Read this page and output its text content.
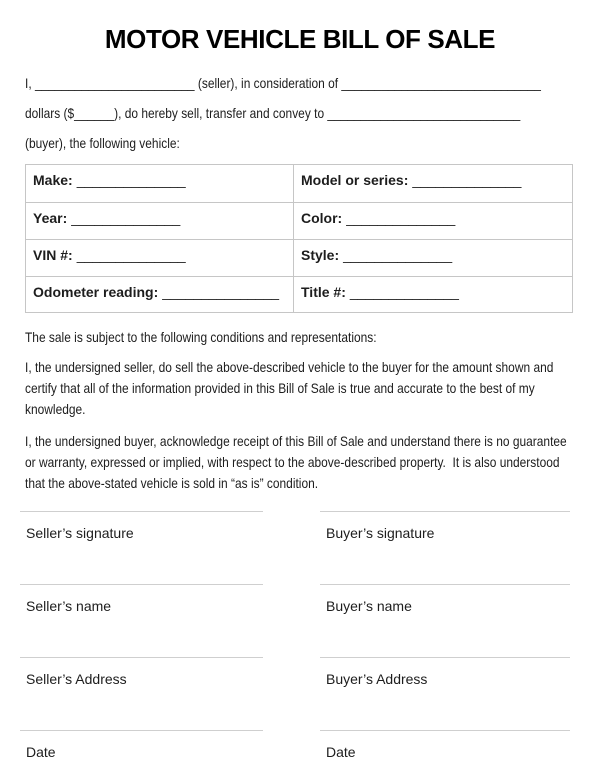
MOTOR VEHICLE BILL OF SALE
I, ________________________ (seller), in consideration of ______________________________
dollars ($______), do hereby sell, transfer and convey to _____________________________
(buyer), the following vehicle:
Make: ______________	Model or series: ______________
Year: ______________	Color: ______________
VIN #: ______________	Style: ______________
Odometer reading: _______________	Title #: ______________
The sale is subject to the following conditions and representations:
I, the undersigned seller, do sell the above-described vehicle to the buyer for the amount shown and certify that all of the information provided in this Bill of Sale is true and accurate to the best of my knowledge.
I, the undersigned buyer, acknowledge receipt of this Bill of Sale and understand there is no guarantee or warranty, expressed or implied, with respect to the above-described property.  It is also understood that the above-stated vehicle is sold in “as is” condition.
Seller’s signature	Buyer’s signature
Seller’s name	Buyer’s name
Seller’s Address	Buyer’s Address
Date	Date
